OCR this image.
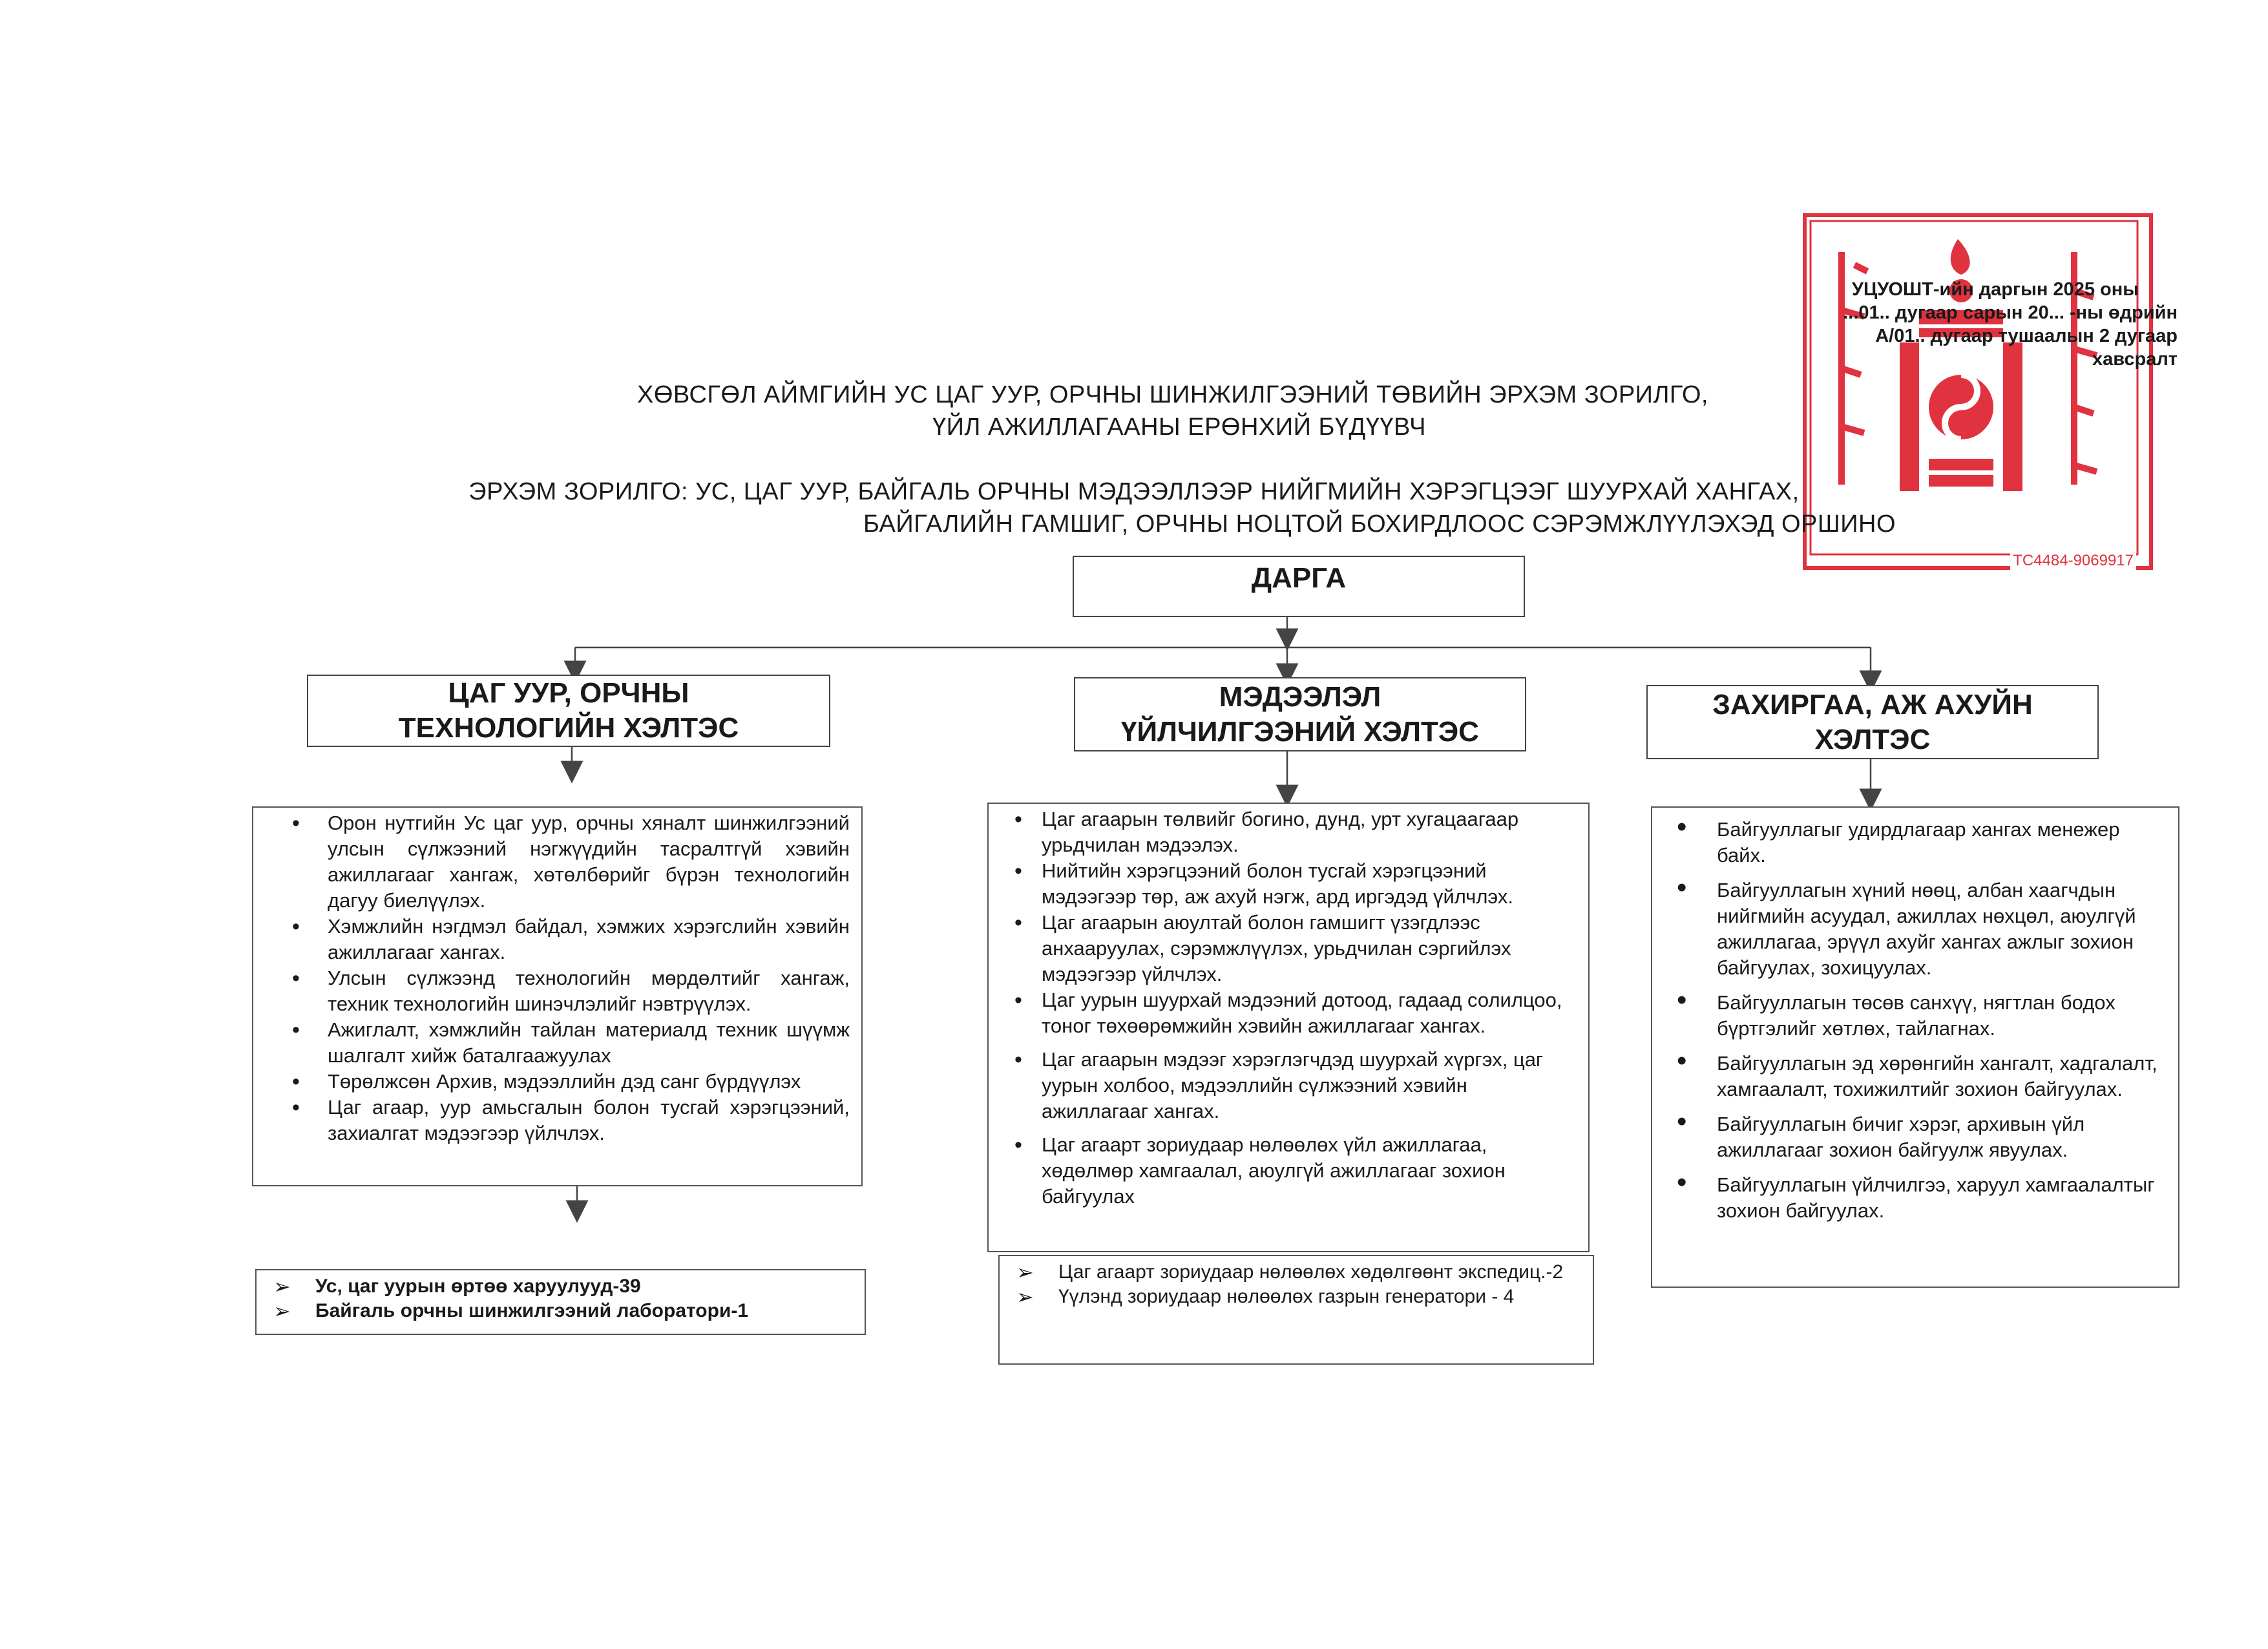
ТС4484-9069917
УЦУОШТ-ийн даргын 2025 оны
...01.. дугаар сарын 20... -ны өдрийн
А/01.. дугаар тушаалын 2 дугаар хавсралт
ХӨВСГӨЛ АЙМГИЙН УС ЦАГ УУР, ОРЧНЫ ШИНЖИЛГЭЭНИЙ ТӨВИЙН ЭРХЭМ ЗОРИЛГО,
ҮЙЛ АЖИЛЛАГААНЫ ЕРӨНХИЙ БҮДҮҮВЧ
ЭРХЭМ ЗОРИЛГО: УС, ЦАГ УУР, БАЙГАЛЬ ОРЧНЫ МЭДЭЭЛЛЭЭР НИЙГМИЙН ХЭРЭГЦЭЭГ ШУУРХАЙ ХАНГАХ,
БАЙГАЛИЙН ГАМШИГ, ОРЧНЫ НОЦТОЙ БОХИРДЛООС СЭРЭМЖЛҮҮЛЭХЭД ОРШИНО
ДАРГА
ЦАГ УУР, ОРЧНЫ
ТЕХНОЛОГИЙН ХЭЛТЭС
МЭДЭЭЛЭЛ
ҮЙЛЧИЛГЭЭНИЙ ХЭЛТЭС
ЗАХИРГАА, АЖ АХУЙН
ХЭЛТЭС
• Орон нутгийн Ус цаг уур, орчны хяналт шинжилгээний улсын сүлжээний нэгжүүдийн тасралтгүй хэвийн ажиллагааг хангаж, хөтөлбөрийг бүрэн технологийн дагуу биелүүлэх.
• Хэмжлийн нэгдмэл байдал, хэмжих хэрэгслийн хэвийн ажиллагааг хангах.
• Улсын сүлжээнд технологийн мөрдөлтийг хангаж, техник технологийн шинэчлэлийг нэвтрүүлэх.
• Ажиглалт, хэмжлийн тайлан материалд техник шүүмж шалгалт хийж баталгаажуулах
• Төрөлжсөн Архив, мэдээллийн дэд санг бүрдүүлэх
• Цаг агаар, уур амьсгалын болон тусгай хэрэгцээний, захиалгат мэдээгээр үйлчлэх.
• Цаг агаарын төлвийг богино, дунд, урт хугацаагаар урьдчилан мэдээлэх.
• Нийтийн хэрэгцээний болон тусгай хэрэгцээний мэдээгээр төр, аж ахуй нэгж, ард иргэдэд үйлчлэх.
• Цаг агаарын аюултай болон гамшигт үзэгдлээс анхааруулах, сэрэмжлүүлэх, урьдчилан сэргийлэх мэдээгээр үйлчлэх.
• Цаг уурын шуурхай мэдээний дотоод, гадаад солилцоо, тоног төхөөрөмжийн хэвийн ажиллагааг хангах.
• Цаг агаарын мэдээг хэрэглэгчдэд шуурхай хүргэх, цаг уурын холбоо, мэдээллийн сүлжээний хэвийн ажиллагааг хангах.
• Цаг агаарт зориудаар нөлөөлөх үйл ажиллагаа, хөдөлмөр хамгаалал, аюулгүй ажиллагааг зохион байгуулах
• Байгууллагыг удирдлагаар хангах менежер байх.
• Байгууллагын хүний нөөц, албан хаагчдын нийгмийн асуудал, ажиллах нөхцөл, аюулгүй ажиллагаа, эрүүл ахуйг хангах ажлыг зохион байгуулах, зохицуулах.
• Байгууллагын төсөв санхүү, нягтлан бодох бүртгэлийг хөтлөх, тайлагнах.
• Байгууллагын эд хөрөнгийн хангалт, хадгалалт, хамгаалалт, тохижилтийг зохион байгуулах.
• Байгууллагын бичиг хэрэг, архивын үйл ажиллагааг зохион байгуулж явуулах.
• Байгууллагын үйлчилгээ, харуул хамгаалалтыг зохион байгуулах.
➢ Ус, цаг уурын өртөө харуулууд-39
➢ Байгаль орчны шинжилгээний лаборатори-1
➢ Цаг агаарт зориудаар нөлөөлөх хөдөлгөөнт экспедиц.-2
➢ Үүлэнд зориудаар нөлөөлөх газрын генератори - 4
